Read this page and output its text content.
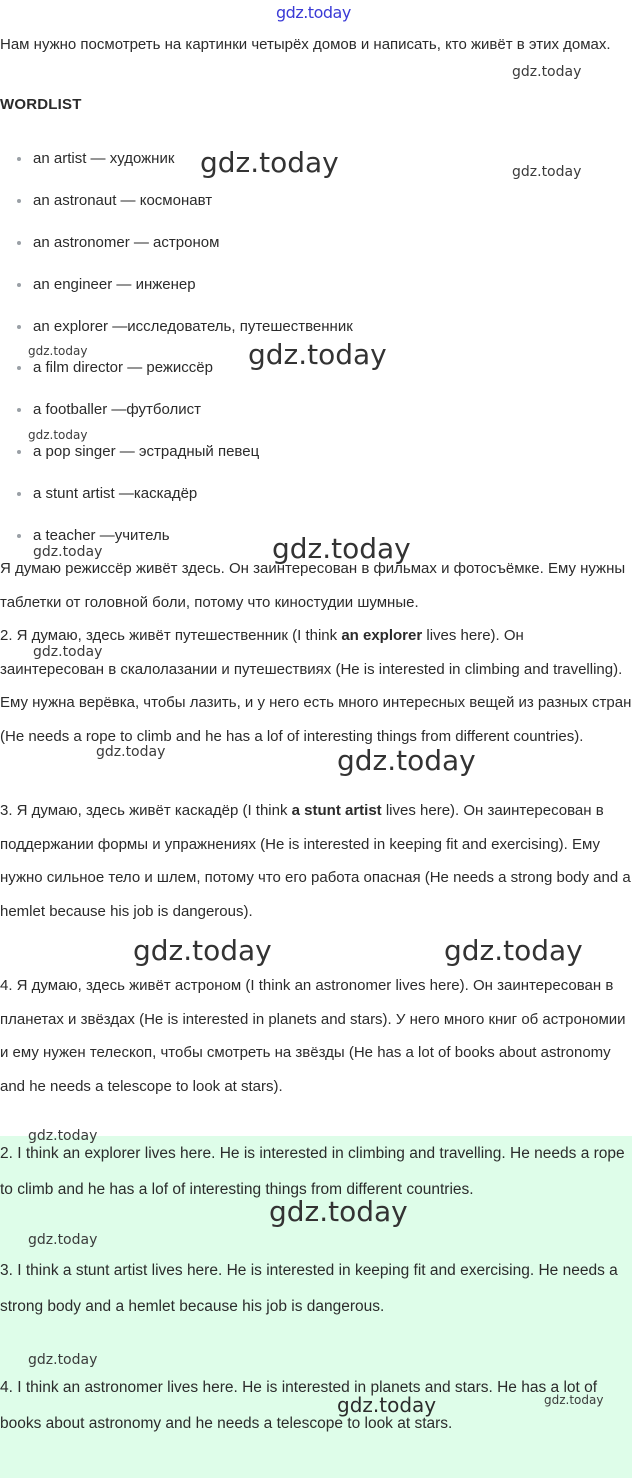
gdz.today
Нам нужно посмотреть на картинки четырёх домов и написать, кто живёт в этих домах.
WORDLIST
an artist — художник
an astronaut — космонавт
an astronomer — астроном
an engineer — инженер
an explorer —исследователь, путешественник
a film director — режиссёр
a footballer —футболист
a pop singer — эстрадный певец
a stunt artist —каскадёр
a teacher —учитель
Я думаю режиссёр живёт здесь. Он заинтересован в фильмах и фотосъёмке. Ему нужны таблетки от головной боли, потому что киностудии шумные.
2. Я думаю, здесь живёт путешественник (I think an explorer lives here). Он заинтересован в скалолазании и путешествиях (He is interested in climbing and travelling). Ему нужна верёвка, чтобы лазить, и у него есть много интересных вещей из разных стран (He needs a rope to climb and he has a lof of interesting things from different countries).
3. Я думаю, здесь живёт каскадёр (I think a stunt artist lives here). Он заинтересован в поддержании формы и упражнениях (He is interested in keeping fit and exercising). Ему нужно сильное тело и шлем, потому что его работа опасная (He needs a strong body and a hemlet because his job is dangerous).
4. Я думаю, здесь живёт астроном (I think an astronomer lives here). Он заинтересован в планетах и звёздах (He is interested in planets and stars). У него много книг об астрономии и ему нужен телескоп, чтобы смотреть на звёзды (He has a lot of books about astronomy and he needs a telescope to look at stars).
2. I think an explorer lives here. He is interested in climbing and travelling. He needs a rope to climb and he has a lof of interesting things from different countries.
3. I think a stunt artist lives here. He is interested in keeping fit and exercising. He needs a strong body and a hemlet because his job is dangerous.
4. I think an astronomer lives here. He is interested in planets and stars. He has a lot of books about astronomy and he needs a telescope to look at stars.
gdz.today
gdz.today	gdz.today
gdz.today	gdz.today
gdz.today
gdz.today	gdz.today
gdz.today
gdz.today	gdz.today
gdz.today	gdz.today
gdz.today
gdz.today
gdz.today
gdz.today
gdz.today
gdz.today
